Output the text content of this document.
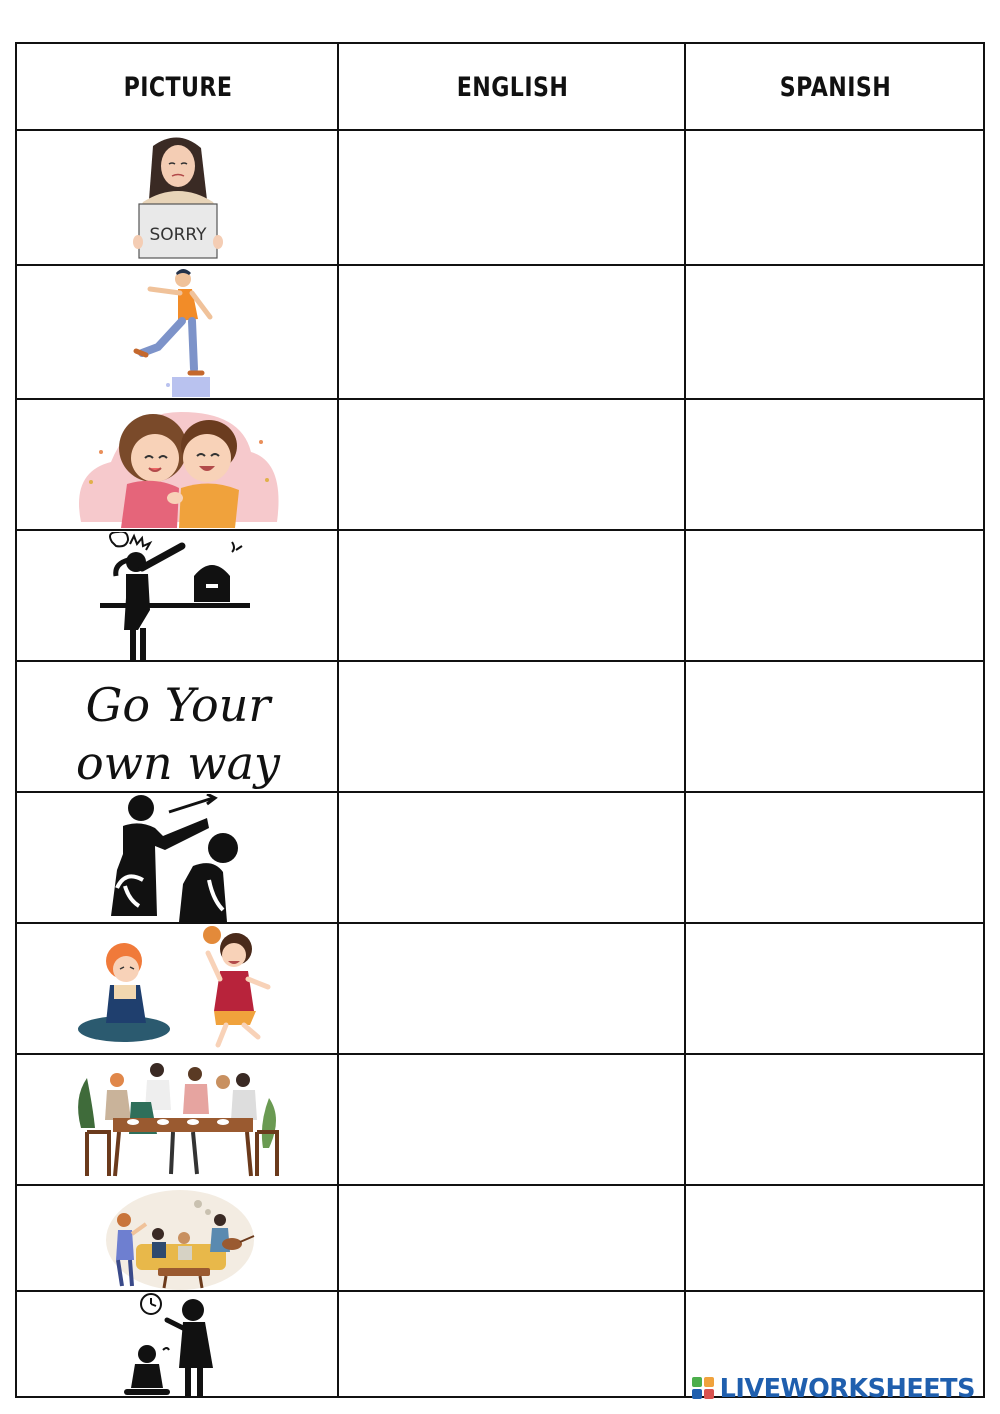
PICTURE	ENGLISH	SPANISH
SORRY
Go Your
own way
LIVEWORKSHEETS
